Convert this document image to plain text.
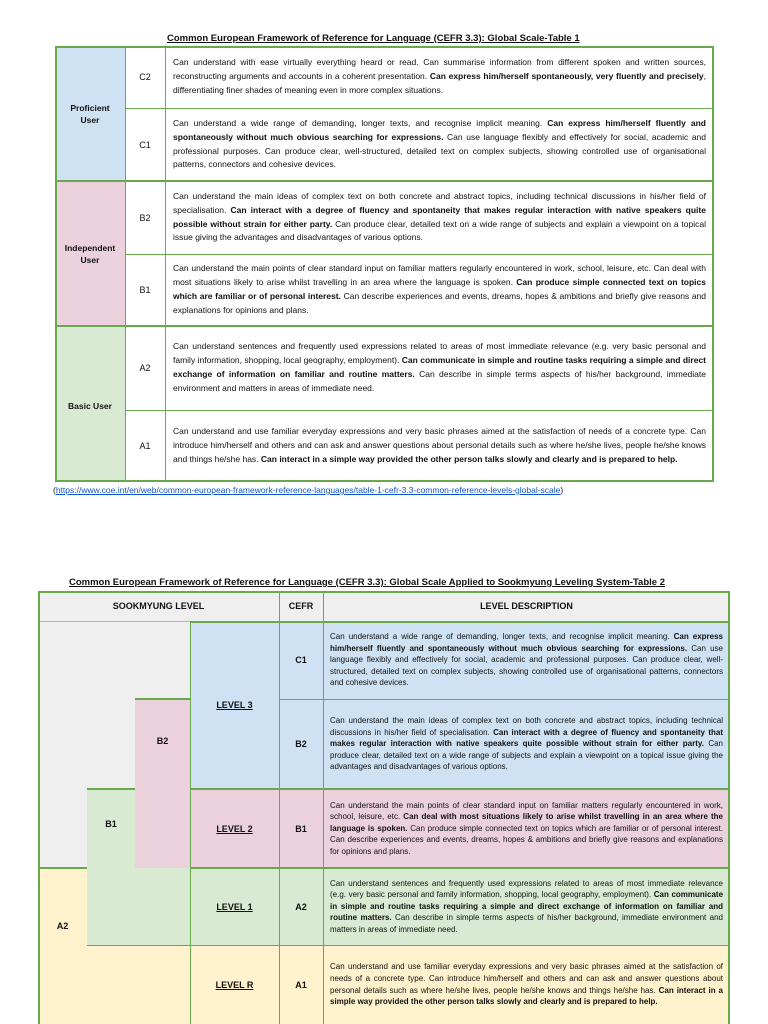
Common European Framework of Reference for Language (CEFR 3.3): Global Scale-Table 1
Proficient User
Independent User
Basic User
C2
C1
B2
B1
A2
A1
Can understand with ease virtually everything heard or read. Can summarise information from different spoken and written sources, reconstructing arguments and accounts in a coherent presentation. Can express him/herself spontaneously, very fluently and precisely, differentiating finer shades of meaning even in more complex situations.
Can understand a wide range of demanding, longer texts, and recognise implicit meaning. Can express him/herself fluently and spontaneously without much obvious searching for expressions. Can use language flexibly and effectively for social, academic and professional purposes. Can produce clear, well-structured, detailed text on complex subjects, showing controlled use of organisational patterns, connectors and cohesive devices.
Can understand the main ideas of complex text on both concrete and abstract topics, including technical discussions in his/her field of specialisation. Can interact with a degree of fluency and spontaneity that makes regular interaction with native speakers quite possible without strain for either party. Can produce clear, detailed text on a wide range of subjects and explain a viewpoint on a topical issue giving the advantages and disadvantages of various options.
Can understand the main points of clear standard input on familiar matters regularly encountered in work, school, leisure, etc. Can deal with most situations likely to arise whilst travelling in an area where the language is spoken. Can produce simple connected text on topics which are familiar or of personal interest. Can describe experiences and events, dreams, hopes & ambitions and briefly give reasons and explanations for opinions and plans.
Can understand sentences and frequently used expressions related to areas of most immediate relevance (e.g. very basic personal and family information, shopping, local geography, employment). Can communicate in simple and routine tasks requiring a simple and direct exchange of information on familiar and routine matters. Can describe in simple terms aspects of his/her background, immediate environment and matters in areas of immediate need.
Can understand and use familiar everyday expressions and very basic phrases aimed at the satisfaction of needs of a concrete type. Can introduce him/herself and others and can ask and answer questions about personal details such as where he/she lives, people he/she knows and things he/she has. Can interact in a simple way provided the other person talks slowly and clearly and is prepared to help.
(https://www.coe.int/en/web/common-european-framework-reference-languages/table-1-cefr-3.3-common-reference-levels-global-scale)
Common European Framework of Reference for Language (CEFR 3.3): Global Scale Applied to Sookmyung Leveling System-Table 2
SOOKMYUNG LEVEL	CEFR	LEVEL DESCRIPTION
A2
B1
B2
LEVEL 3
LEVEL 2
LEVEL 1
LEVEL R
C1
B2
B1
A2
A1
Can understand a wide range of demanding, longer texts, and recognise implicit meaning. Can express him/herself fluently and spontaneously without much obvious searching for expressions. Can use language flexibly and effectively for social, academic and professional purposes. Can produce clear, well-structured, detailed text on complex subjects, showing controlled use of organisational patterns, connectors and cohesive devices.
Can understand the main ideas of complex text on both concrete and abstract topics, including technical discussions in his/her field of specialisation. Can interact with a degree of fluency and spontaneity that makes regular interaction with native speakers quite possible without strain for either party. Can produce clear, detailed text on a wide range of subjects and explain a viewpoint on a topical issue giving the advantages and disadvantages of various options.
Can understand the main points of clear standard input on familiar matters regularly encountered in work, school, leisure, etc. Can deal with most situations likely to arise whilst travelling in an area where the language is spoken. Can produce simple connected text on topics which are familiar or of personal interest. Can describe experiences and events, dreams, hopes & ambitions and briefly give reasons and explanations for opinions and plans.
Can understand sentences and frequently used expressions related to areas of most immediate relevance (e.g. very basic personal and family information, shopping, local geography, employment). Can communicate in simple and routine tasks requiring a simple and direct exchange of information on familiar and routine matters. Can describe in simple terms aspects of his/her background, immediate environment and matters in areas of immediate need.
Can understand and use familiar everyday expressions and very basic phrases aimed at the satisfaction of needs of a concrete type. Can introduce him/herself and others and can ask and answer questions about personal details such as where he/she lives, people he/she knows and things he/she has. Can interact in a simple way provided the other person talks slowly and clearly and is prepared to help.
